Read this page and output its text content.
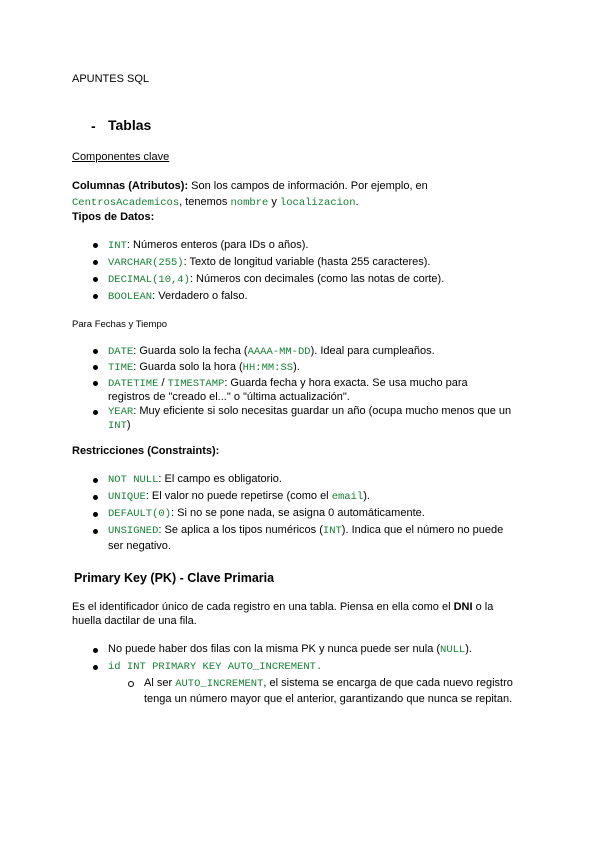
APUNTES SQL
- Tablas
Componentes clave
Columnas (Atributos): Son los campos de información. Por ejemplo, en
CentrosAcademicos, tenemos nombre y localizacion.
Tipos de Datos:
INT: Números enteros (para IDs o años).
VARCHAR(255): Texto de longitud variable (hasta 255 caracteres).
DECIMAL(10,4): Números con decimales (como las notas de corte).
BOOLEAN: Verdadero o falso.
Para Fechas y Tiempo
DATE: Guarda solo la fecha (AAAA-MM-DD). Ideal para cumpleaños.
TIME: Guarda solo la hora (HH:MM:SS).
DATETIME / TIMESTAMP: Guarda fecha y hora exacta. Se usa mucho para
registros de "creado el..." o "última actualización".
YEAR: Muy eficiente si solo necesitas guardar un año (ocupa mucho menos que un
INT)
Restricciones (Constraints):
NOT NULL: El campo es obligatorio.
UNIQUE: El valor no puede repetirse (como el email).
DEFAULT(0): Si no se pone nada, se asigna 0 automáticamente.
UNSIGNED: Se aplica a los tipos numéricos (INT). Indica que el número no puede
ser negativo.
Primary Key (PK) - Clave Primaria
Es el identificador único de cada registro en una tabla. Piensa en ella como el DNI o la
huella dactilar de una fila.
No puede haber dos filas con la misma PK y nunca puede ser nula (NULL).
id INT PRIMARY KEY AUTO_INCREMENT.
Al ser AUTO_INCREMENT, el sistema se encarga de que cada nuevo registro
tenga un número mayor que el anterior, garantizando que nunca se repitan.
